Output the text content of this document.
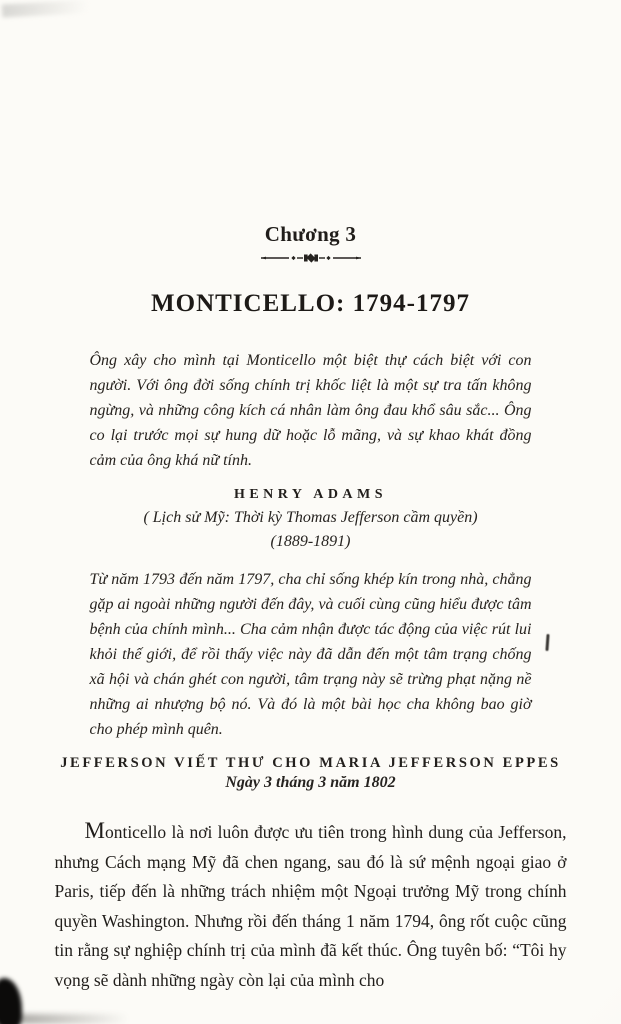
Chương 3
MONTICELLO: 1794-1797

Ông xây cho mình tại Monticello một biệt thự cách biệt với con người. Với ông đời sống chính trị khốc liệt là một sự tra tấn không ngừng, và những công kích cá nhân làm ông đau khổ sâu sắc... Ông co lại trước mọi sự hung dữ hoặc lỗ mãng, và sự khao khát đồng cảm của ông khá nữ tính.

HENRY ADAMS
( Lịch sử Mỹ: Thời kỳ Thomas Jefferson cầm quyền)
(1889-1891)

Từ năm 1793 đến năm 1797, cha chỉ sống khép kín trong nhà, chẳng gặp ai ngoài những người đến đây, và cuối cùng cũng hiểu được tâm bệnh của chính mình... Cha cảm nhận được tác động của việc rút lui khỏi thế giới, để rồi thấy việc này đã dẫn đến một tâm trạng chống xã hội và chán ghét con người, tâm trạng này sẽ trừng phạt nặng nề những ai nhượng bộ nó. Và đó là một bài học cha không bao giờ cho phép mình quên.

JEFFERSON VIẾT THƯ CHO MARIA JEFFERSON EPPES
Ngày 3 tháng 3 năm 1802

Monticello là nơi luôn được ưu tiên trong hình dung của Jefferson, nhưng Cách mạng Mỹ đã chen ngang, sau đó là sứ mệnh ngoại giao ở Paris, tiếp đến là những trách nhiệm một Ngoại trưởng Mỹ trong chính quyền Washington. Nhưng rồi đến tháng 1 năm 1794, ông rốt cuộc cũng tin rằng sự nghiệp chính trị của mình đã kết thúc. Ông tuyên bố: “Tôi hy vọng sẽ dành những ngày còn lại của mình cho
